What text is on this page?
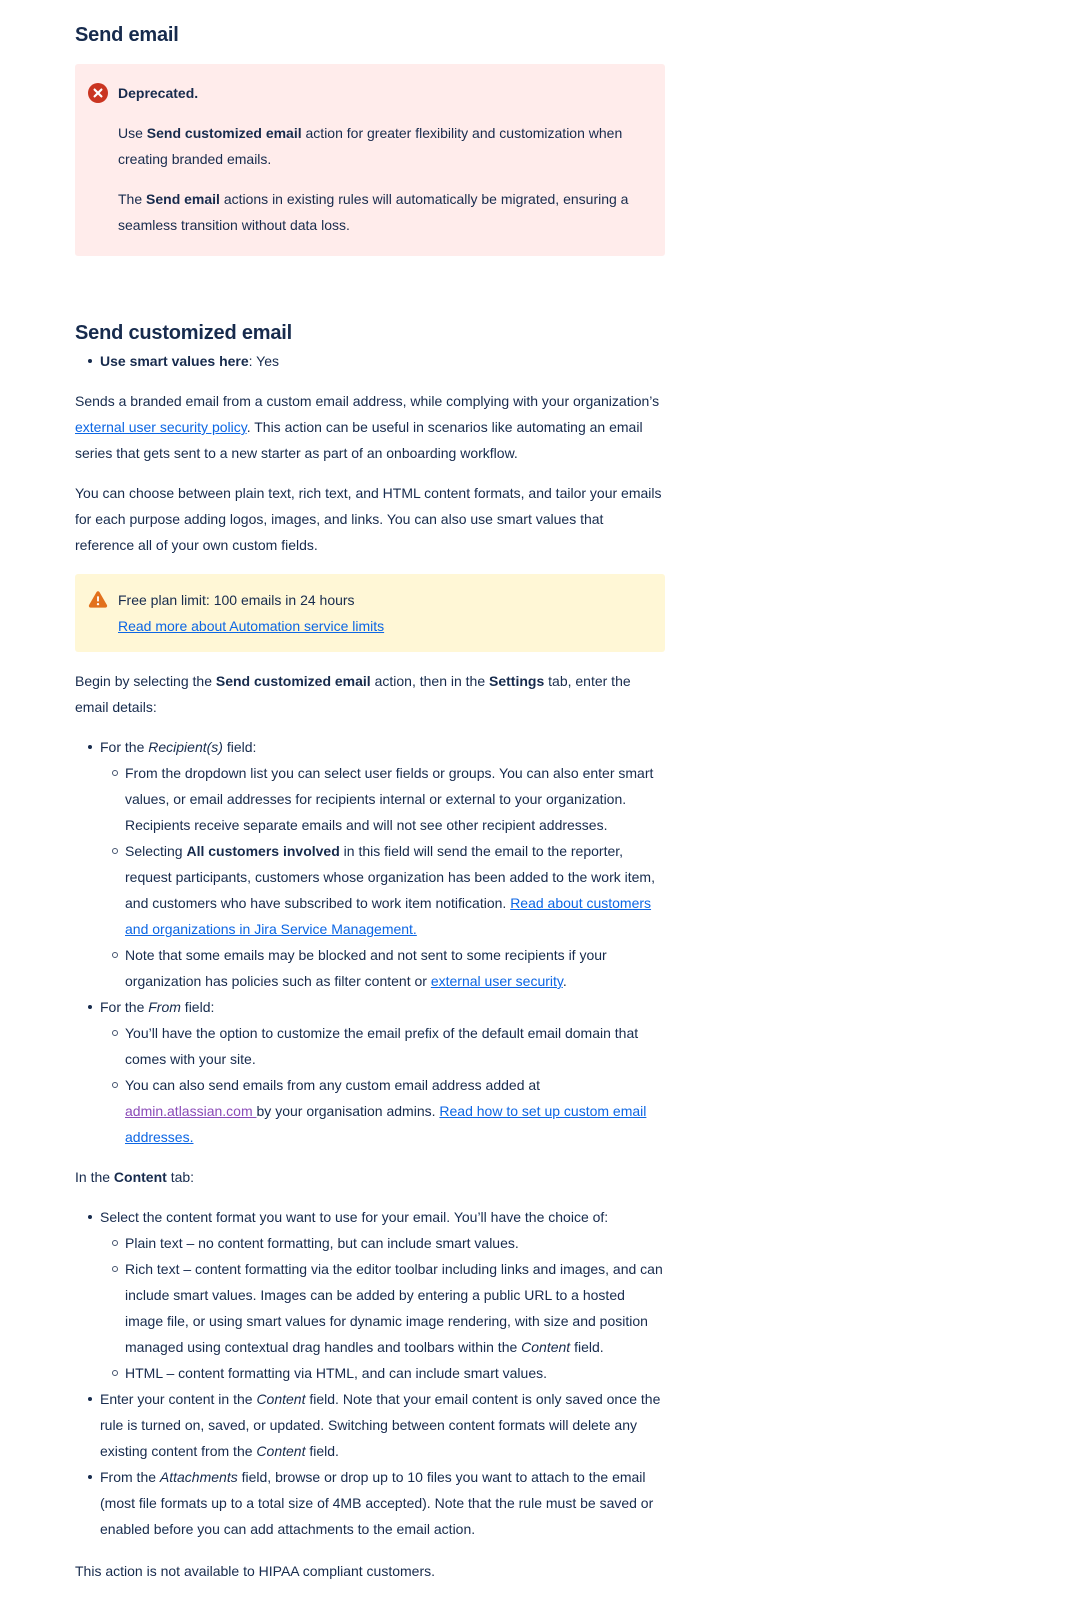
Send email

Deprecated.

Use Send customized email action for greater flexibility and customization when creating branded emails.

The Send email actions in existing rules will automatically be migrated, ensuring a seamless transition without data loss.

Send customized email
Use smart values here: Yes

Sends a branded email from a custom email address, while complying with your organization’s external user security policy. This action can be useful in scenarios like automating an email series that gets sent to a new starter as part of an onboarding workflow.

You can choose between plain text, rich text, and HTML content formats, and tailor your emails for each purpose adding logos, images, and links. You can also use smart values that reference all of your own custom fields.

Free plan limit: 100 emails in 24 hours

Read more about Automation service limits

Begin by selecting the Send customized email action, then in the Settings tab, enter the email details:

For the Recipient(s) field:
From the dropdown list you can select user fields or groups. You can also enter smart values, or email addresses for recipients internal or external to your organization. Recipients receive separate emails and will not see other recipient addresses.
Selecting All customers involved in this field will send the email to the reporter, request participants, customers whose organization has been added to the work item, and customers who have subscribed to work item notification. Read about customers and organizations in Jira Service Management.
Note that some emails may be blocked and not sent to some recipients if your organization has policies such as filter content or external user security.
For the From field:
You’ll have the option to customize the email prefix of the default email domain that comes with your site.
You can also send emails from any custom email address added at admin.atlassian.com by your organisation admins. Read how to set up custom email addresses.

In the Content tab:

Select the content format you want to use for your email. You’ll have the choice of:
Plain text – no content formatting, but can include smart values.
Rich text – content formatting via the editor toolbar including links and images, and can include smart values. Images can be added by entering a public URL to a hosted image file, or using smart values for dynamic image rendering, with size and position managed using contextual drag handles and toolbars within the Content field.
HTML – content formatting via HTML, and can include smart values.
Enter your content in the Content field. Note that your email content is only saved once the rule is turned on, saved, or updated. Switching between content formats will delete any existing content from the Content field.
From the Attachments field, browse or drop up to 10 files you want to attach to the email (most file formats up to a total size of 4MB accepted). Note that the rule must be saved or enabled before you can add attachments to the email action.

This action is not available to HIPAA compliant customers.
